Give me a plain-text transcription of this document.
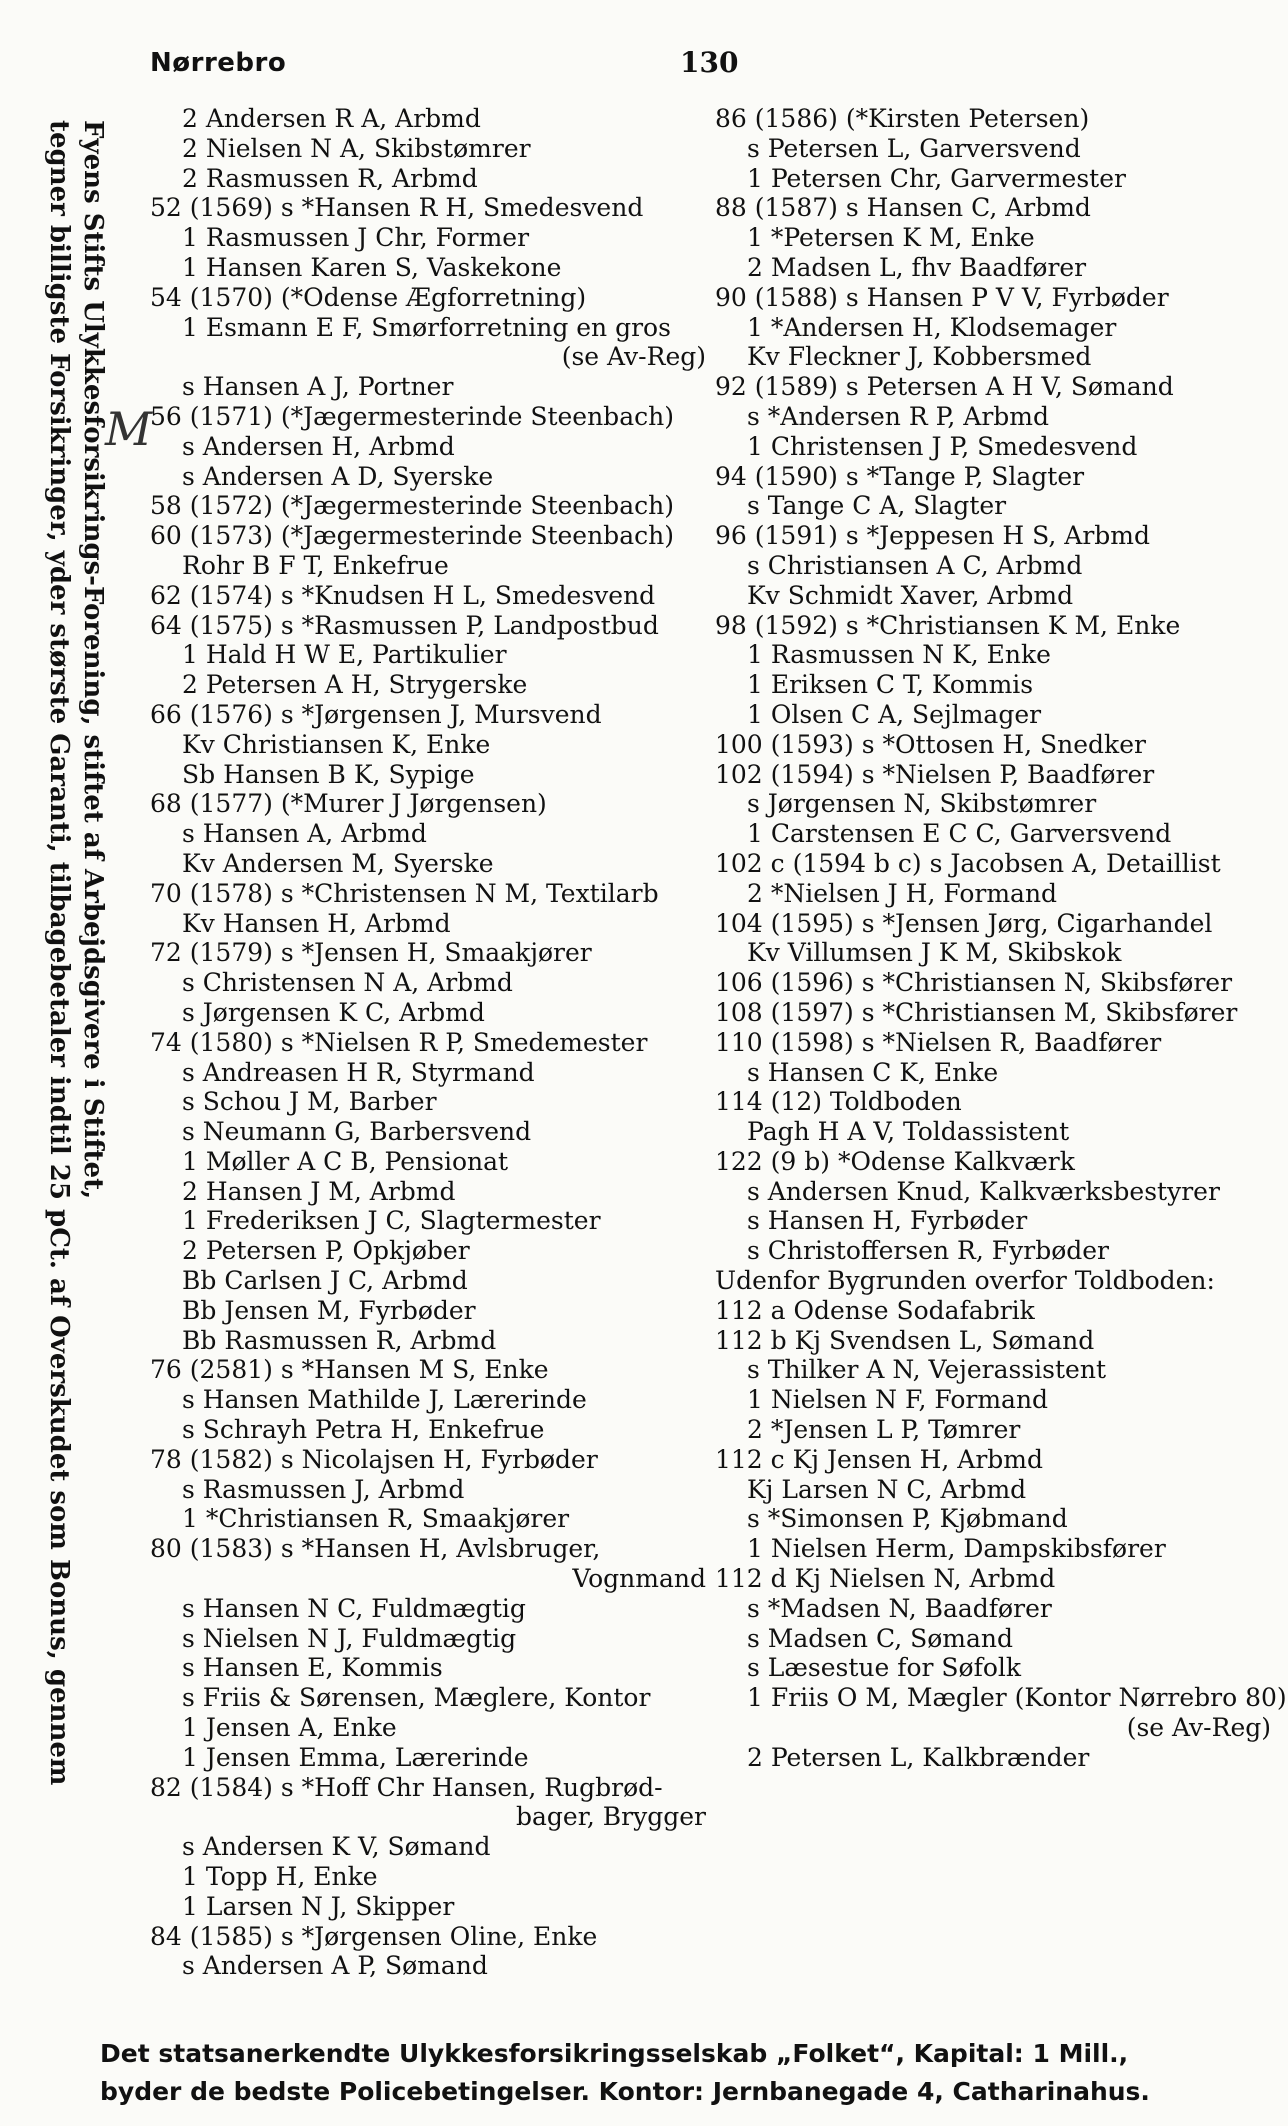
Nørrebro	130
Fyens Stifts Ulykkesforsikrings-Forening, stiftet af Arbejdsgivere i Stiftet,
tegner billigste Forsikringer, yder største Garanti, tilbagebetaler indtil 25 pCt. af Overskudet som Bonus, gennem M
2 Andersen R A, Arbmd
2 Nielsen N A, Skibstømrer
2 Rasmussen R, Arbmd
52 (1569) s *Hansen R H, Smedesvend
1 Rasmussen J Chr, Former
1 Hansen Karen S, Vaskekone
54 (1570) (*Odense Ægforretning)
1 Esmann E F, Smørforretning en gros
(se Av-Reg)
s Hansen A J, Portner
56 (1571) (*Jægermesterinde Steenbach)
s Andersen H, Arbmd
s Andersen A D, Syerske
58 (1572) (*Jægermesterinde Steenbach)
60 (1573) (*Jægermesterinde Steenbach)
Rohr B F T, Enkefrue
62 (1574) s *Knudsen H L, Smedesvend
64 (1575) s *Rasmussen P, Landpostbud
1 Hald H W E, Partikulier
2 Petersen A H, Strygerske
66 (1576) s *Jørgensen J, Mursvend
Kv Christiansen K, Enke
Sb Hansen B K, Sypige
68 (1577) (*Murer J Jørgensen)
s Hansen A, Arbmd
Kv Andersen M, Syerske
70 (1578) s *Christensen N M, Textilarb
Kv Hansen H, Arbmd
72 (1579) s *Jensen H, Smaakjører
s Christensen N A, Arbmd
s Jørgensen K C, Arbmd
74 (1580) s *Nielsen R P, Smedemester
s Andreasen H R, Styrmand
s Schou J M, Barber
s Neumann G, Barbersvend
1 Møller A C B, Pensionat
2 Hansen J M, Arbmd
1 Frederiksen J C, Slagtermester
2 Petersen P, Opkjøber
Bb Carlsen J C, Arbmd
Bb Jensen M, Fyrbøder
Bb Rasmussen R, Arbmd
76 (2581) s *Hansen M S, Enke
s Hansen Mathilde J, Lærerinde
s Schrayh Petra H, Enkefrue
78 (1582) s Nicolajsen H, Fyrbøder
s Rasmussen J, Arbmd
1 *Christiansen R, Smaakjører
80 (1583) s *Hansen H, Avlsbruger,
Vognmand
s Hansen N C, Fuldmægtig
s Nielsen N J, Fuldmægtig
s Hansen E, Kommis
s Friis & Sørensen, Mæglere, Kontor
1 Jensen A, Enke
1 Jensen Emma, Lærerinde
82 (1584) s *Hoff Chr Hansen, Rugbrød-
bager, Brygger
s Andersen K V, Sømand
1 Topp H, Enke
1 Larsen N J, Skipper
84 (1585) s *Jørgensen Oline, Enke
s Andersen A P, Sømand
86 (1586) (*Kirsten Petersen)
s Petersen L, Garversvend
1 Petersen Chr, Garvermester
88 (1587) s Hansen C, Arbmd
1 *Petersen K M, Enke
2 Madsen L, fhv Baadfører
90 (1588) s Hansen P V V, Fyrbøder
1 *Andersen H, Klodsemager
Kv Fleckner J, Kobbersmed
92 (1589) s Petersen A H V, Sømand
s *Andersen R P, Arbmd
1 Christensen J P, Smedesvend
94 (1590) s *Tange P, Slagter
s Tange C A, Slagter
96 (1591) s *Jeppesen H S, Arbmd
s Christiansen A C, Arbmd
Kv Schmidt Xaver, Arbmd
98 (1592) s *Christiansen K M, Enke
1 Rasmussen N K, Enke
1 Eriksen C T, Kommis
1 Olsen C A, Sejlmager
100 (1593) s *Ottosen H, Snedker
102 (1594) s *Nielsen P, Baadfører
s Jørgensen N, Skibstømrer
1 Carstensen E C C, Garversvend
102 c (1594 b c) s Jacobsen A, Detaillist
2 *Nielsen J H, Formand
104 (1595) s *Jensen Jørg, Cigarhandel
Kv Villumsen J K M, Skibskok
106 (1596) s *Christiansen N, Skibsfører
108 (1597) s *Christiansen M, Skibsfører
110 (1598) s *Nielsen R, Baadfører
s Hansen C K, Enke
114 (12) Toldboden
Pagh H A V, Toldassistent
122 (9 b) *Odense Kalkværk
s Andersen Knud, Kalkværksbestyrer
s Hansen H, Fyrbøder
s Christoffersen R, Fyrbøder
Udenfor Bygrunden overfor Toldboden:
112 a Odense Sodafabrik
112 b Kj Svendsen L, Sømand
s Thilker A N, Vejerassistent
1 Nielsen N F, Formand
2 *Jensen L P, Tømrer
112 c Kj Jensen H, Arbmd
Kj Larsen N C, Arbmd
s *Simonsen P, Kjøbmand
1 Nielsen Herm, Dampskibsfører
112 d Kj Nielsen N, Arbmd
s *Madsen N, Baadfører
s Madsen C, Sømand
s Læsestue for Søfolk
1 Friis O M, Mægler (Kontor Nørrebro 80)
(se Av-Reg)
2 Petersen L, Kalkbrænder
Det statsanerkendte Ulykkesforsikringsselskab „Folket“, Kapital: 1 Mill.,
byder de bedste Policebetingelser. Kontor: Jernbanegade 4, Catharinahus.
